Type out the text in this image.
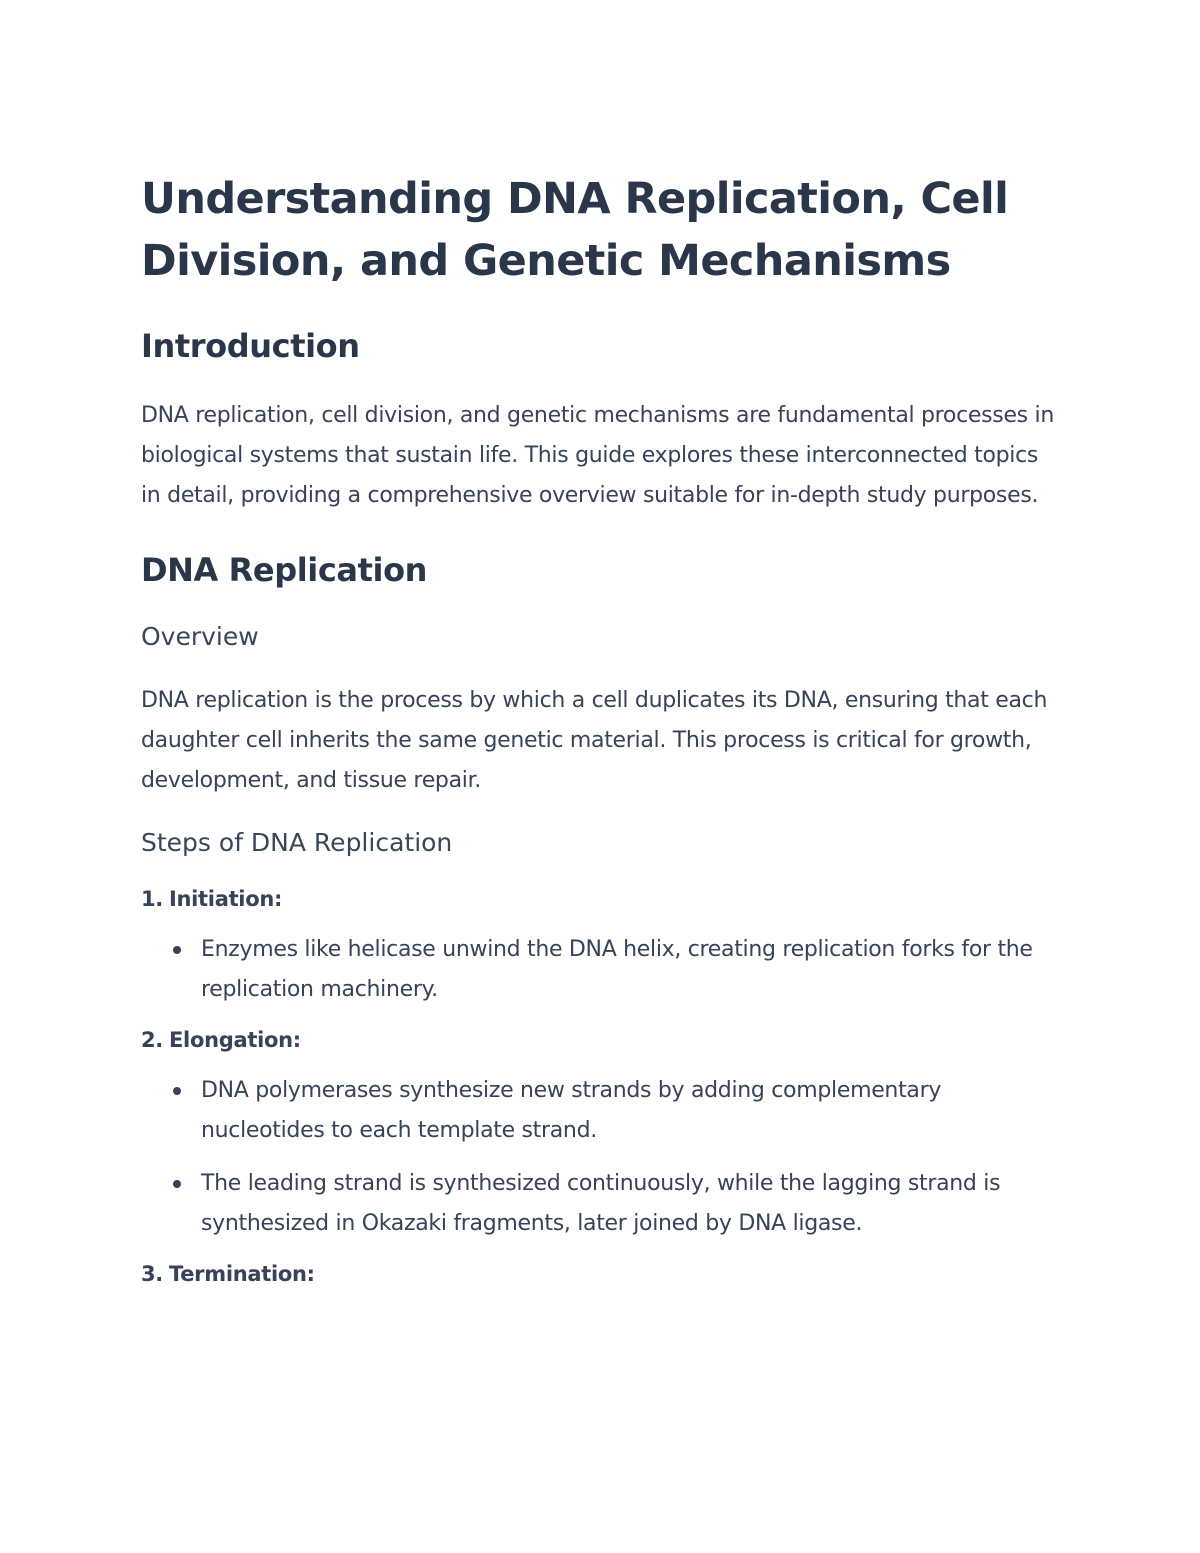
Understanding DNA Replication, Cell Division, and Genetic Mechanisms
Introduction

DNA replication, cell division, and genetic mechanisms are fundamental processes in biological systems that sustain life. This guide explores these interconnected topics in detail, providing a comprehensive overview suitable for in-depth study purposes.

DNA Replication
Overview

DNA replication is the process by which a cell duplicates its DNA, ensuring that each daughter cell inherits the same genetic material. This process is critical for growth, development, and tissue repair.

Steps of DNA Replication
1. Initiation:
Enzymes like helicase unwind the DNA helix, creating replication forks for the replication machinery.
2. Elongation:
DNA polymerases synthesize new strands by adding complementary nucleotides to each template strand.
The leading strand is synthesized continuously, while the lagging strand is synthesized in Okazaki fragments, later joined by DNA ligase.
3. Termination:
